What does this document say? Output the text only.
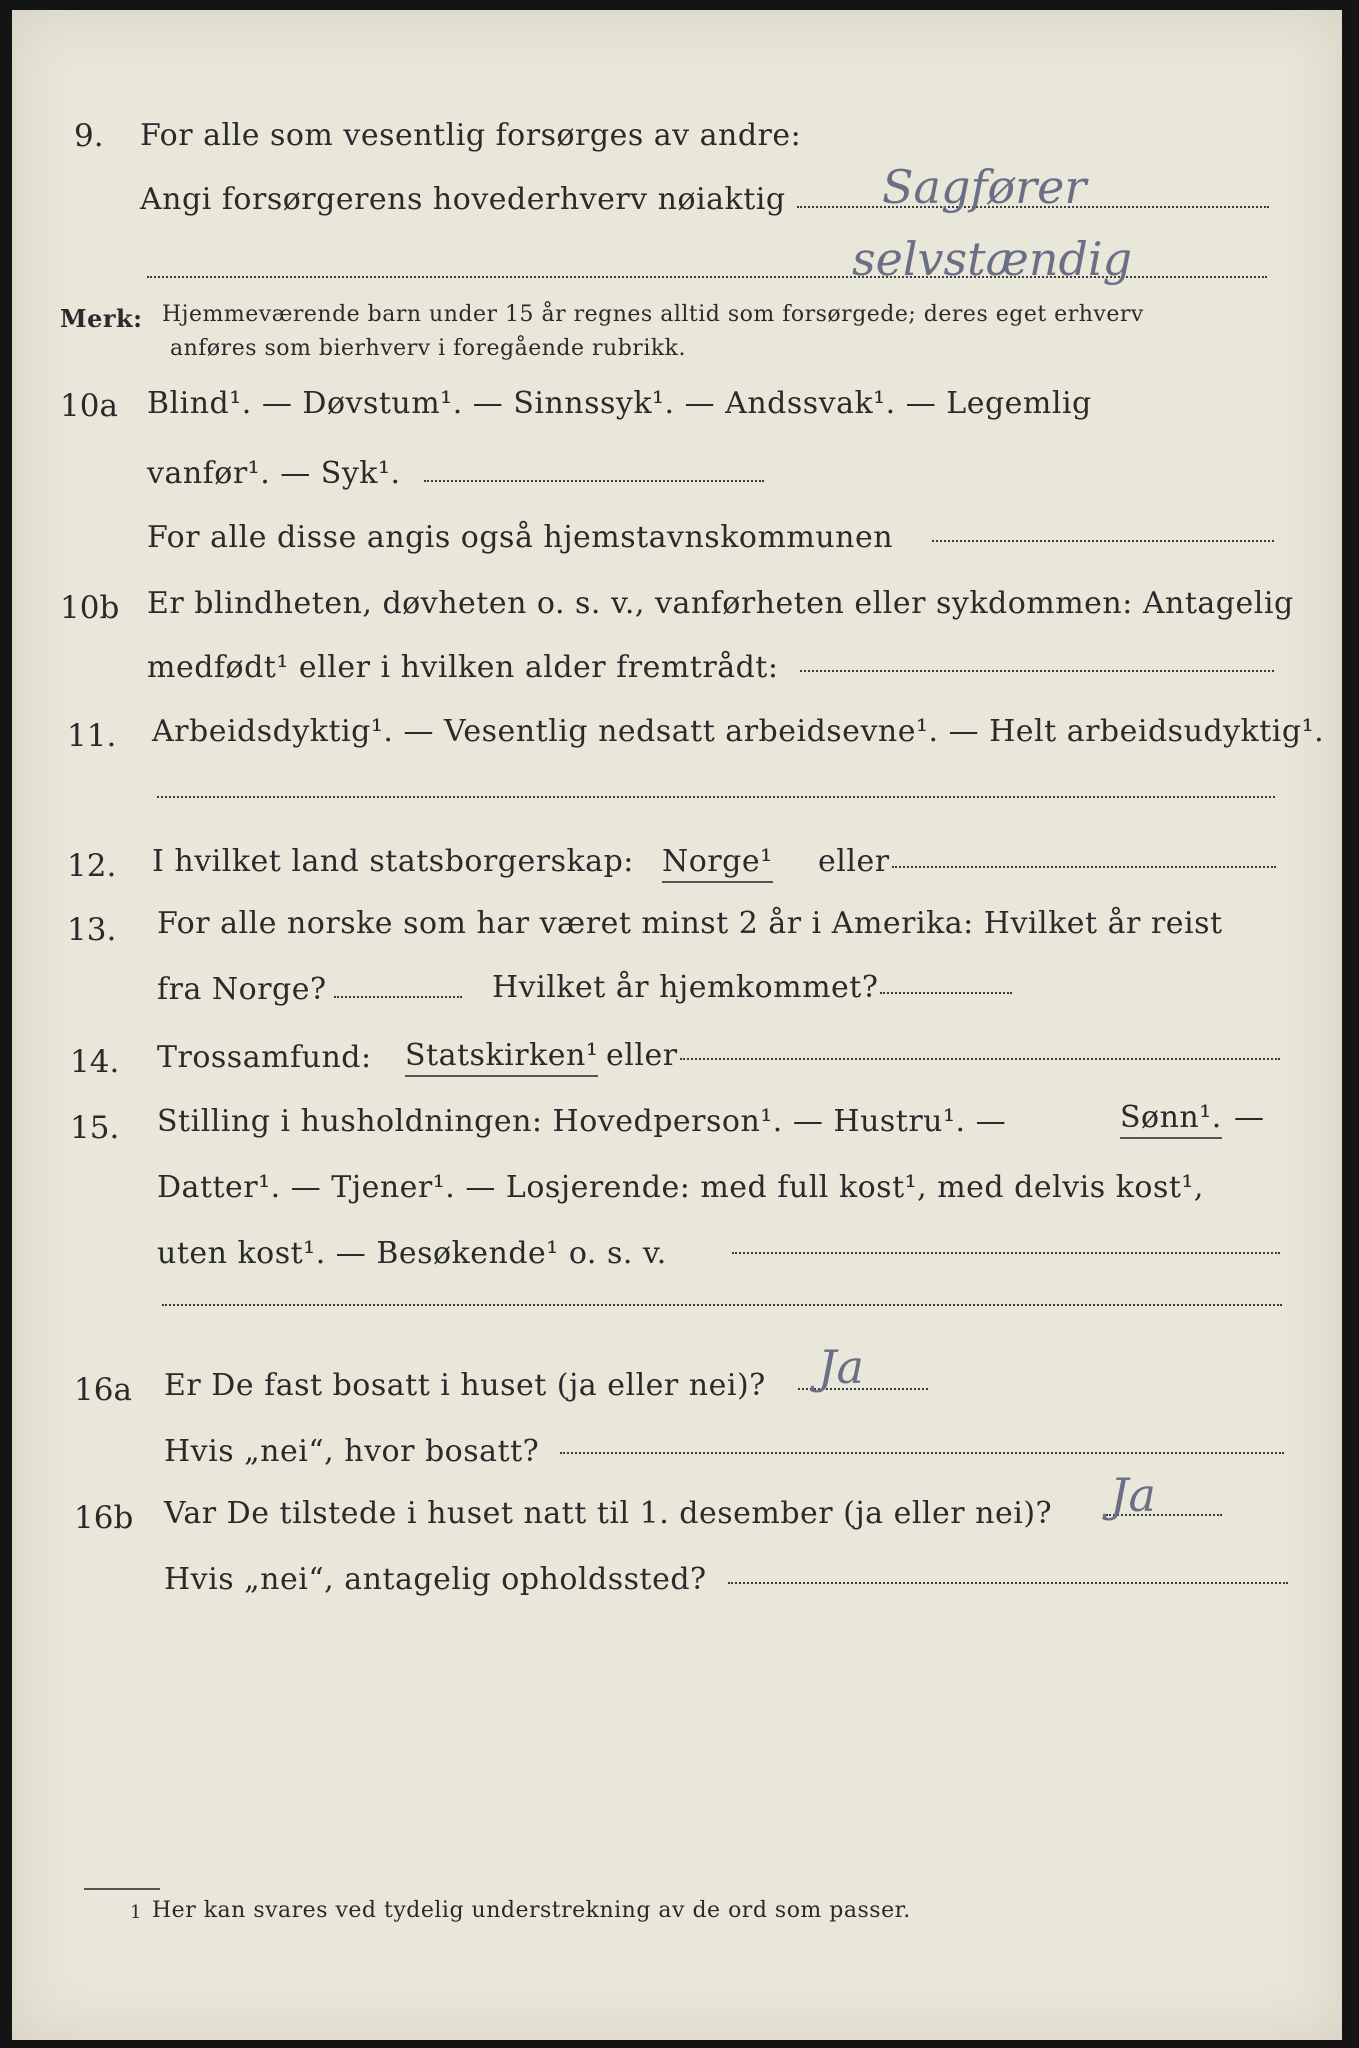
9. For alle som vesentlig forsørges av andre:
Angi forsørgerens hovederhverv nøiaktig Sagfører
selvstændig
Merk: Hjemmeværende barn under 15 år regnes alltid som forsørgede; deres eget erhverv
anføres som bierhverv i foregående rubrikk.
10a Blind¹. — Døvstum¹. — Sinnssyk¹. — Andssvak¹. — Legemlig
vanfør¹. — Syk¹.
For alle disse angis også hjemstavnskommunen
10b Er blindheten, døvheten o. s. v., vanførheten eller sykdommen: Antagelig
medfødt¹ eller i hvilken alder fremtrådt:
11. Arbeidsdyktig¹. — Vesentlig nedsatt arbeidsevne¹. — Helt arbeidsudyktig¹.
12. I hvilket land statsborgerskap: Norge¹ eller
13. For alle norske som har været minst 2 år i Amerika: Hvilket år reist
fra Norge?	Hvilket år hjemkommet?
14. Trossamfund: Statskirken¹ eller
15. Stilling i husholdningen: Hovedperson¹. — Hustru¹. —	Sønn¹. —
Datter¹. — Tjener¹. — Losjerende: med full kost¹, med delvis kost¹,
uten kost¹. — Besøkende¹ o. s. v.
16a Er De fast bosatt i huset (ja eller nei)? Ja
Hvis „nei“, hvor bosatt?
16b Var De tilstede i huset natt til 1. desember (ja eller nei)? Ja
Hvis „nei“, antagelig opholdssted?
1 Her kan svares ved tydelig understrekning av de ord som passer.
